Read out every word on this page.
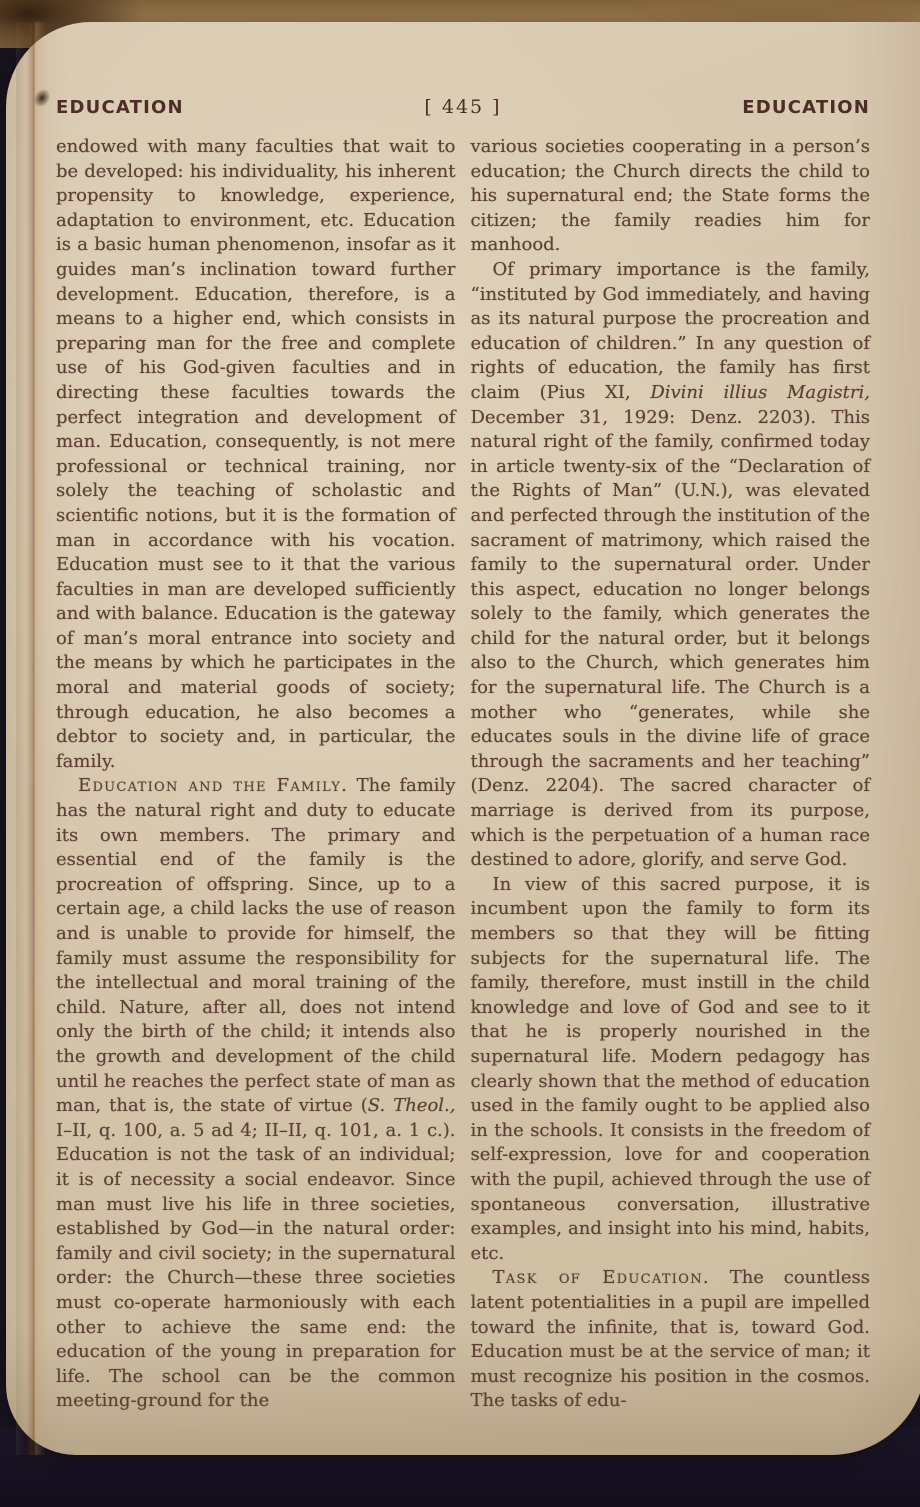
EDUCATION	[ 445 ]	EDUCATION

endowed with many faculties that wait to be developed: his individuality, his inherent propensity to knowledge, experience, adaptation to environment, etc. Education is a basic human phenomenon, insofar as it guides man’s inclination toward further development. Education, therefore, is a means to a higher end, which consists in preparing man for the free and complete use of his God-given faculties and in directing these faculties towards the perfect integration and development of man. Education, consequently, is not mere professional or technical training, nor solely the teaching of scholastic and scientific notions, but it is the formation of man in accordance with his vocation. Education must see to it that the various faculties in man are developed sufficiently and with balance. Education is the gateway of man’s moral entrance into society and the means by which he participates in the moral and material goods of society; through education, he also becomes a debtor to society and, in particular, the family.

Education and the Family. The family has the natural right and duty to educate its own members. The primary and essential end of the family is the procreation of offspring. Since, up to a certain age, a child lacks the use of reason and is unable to provide for himself, the family must assume the responsibility for the intellectual and moral training of the child. Nature, after all, does not intend only the birth of the child; it intends also the growth and development of the child until he reaches the perfect state of man as man, that is, the state of virtue (S. Theol., I–II, q. 100, a. 5 ad 4; II–II, q. 101, a. 1 c.). Education is not the task of an individual; it is of necessity a social endeavor. Since man must live his life in three societies, established by God—in the natural order: family and civil society; in the supernatural order: the Church—these three societies must co-operate harmoniously with each other to achieve the same end: the education of the young in preparation for life. The school can be the common meeting-ground for the

various societies cooperating in a person’s education; the Church directs the child to his supernatural end; the State forms the citizen; the family readies him for manhood.

Of primary importance is the family, “instituted by God immediately, and having as its natural purpose the procreation and education of children.” In any question of rights of education, the family has first claim (Pius XI, Divini illius Magistri, December 31, 1929: Denz. 2203). This natural right of the family, confirmed today in article twenty-six of the “Declaration of the Rights of Man” (U.N.), was elevated and perfected through the institution of the sacrament of matrimony, which raised the family to the supernatural order. Under this aspect, education no longer belongs solely to the family, which generates the child for the natural order, but it belongs also to the Church, which generates him for the supernatural life. The Church is a mother who “generates, while she educates souls in the divine life of grace through the sacraments and her teaching” (Denz. 2204). The sacred character of marriage is derived from its purpose, which is the perpetuation of a human race destined to adore, glorify, and serve God.

In view of this sacred purpose, it is incumbent upon the family to form its members so that they will be fitting subjects for the supernatural life. The family, therefore, must instill in the child knowledge and love of God and see to it that he is properly nourished in the supernatural life. Modern pedagogy has clearly shown that the method of education used in the family ought to be applied also in the schools. It consists in the freedom of self-expression, love for and cooperation with the pupil, achieved through the use of spontaneous conversation, illustrative examples, and insight into his mind, habits, etc.

Task of Education. The countless latent potentialities in a pupil are impelled toward the infinite, that is, toward God. Education must be at the service of man; it must recognize his position in the cosmos. The tasks of edu-
